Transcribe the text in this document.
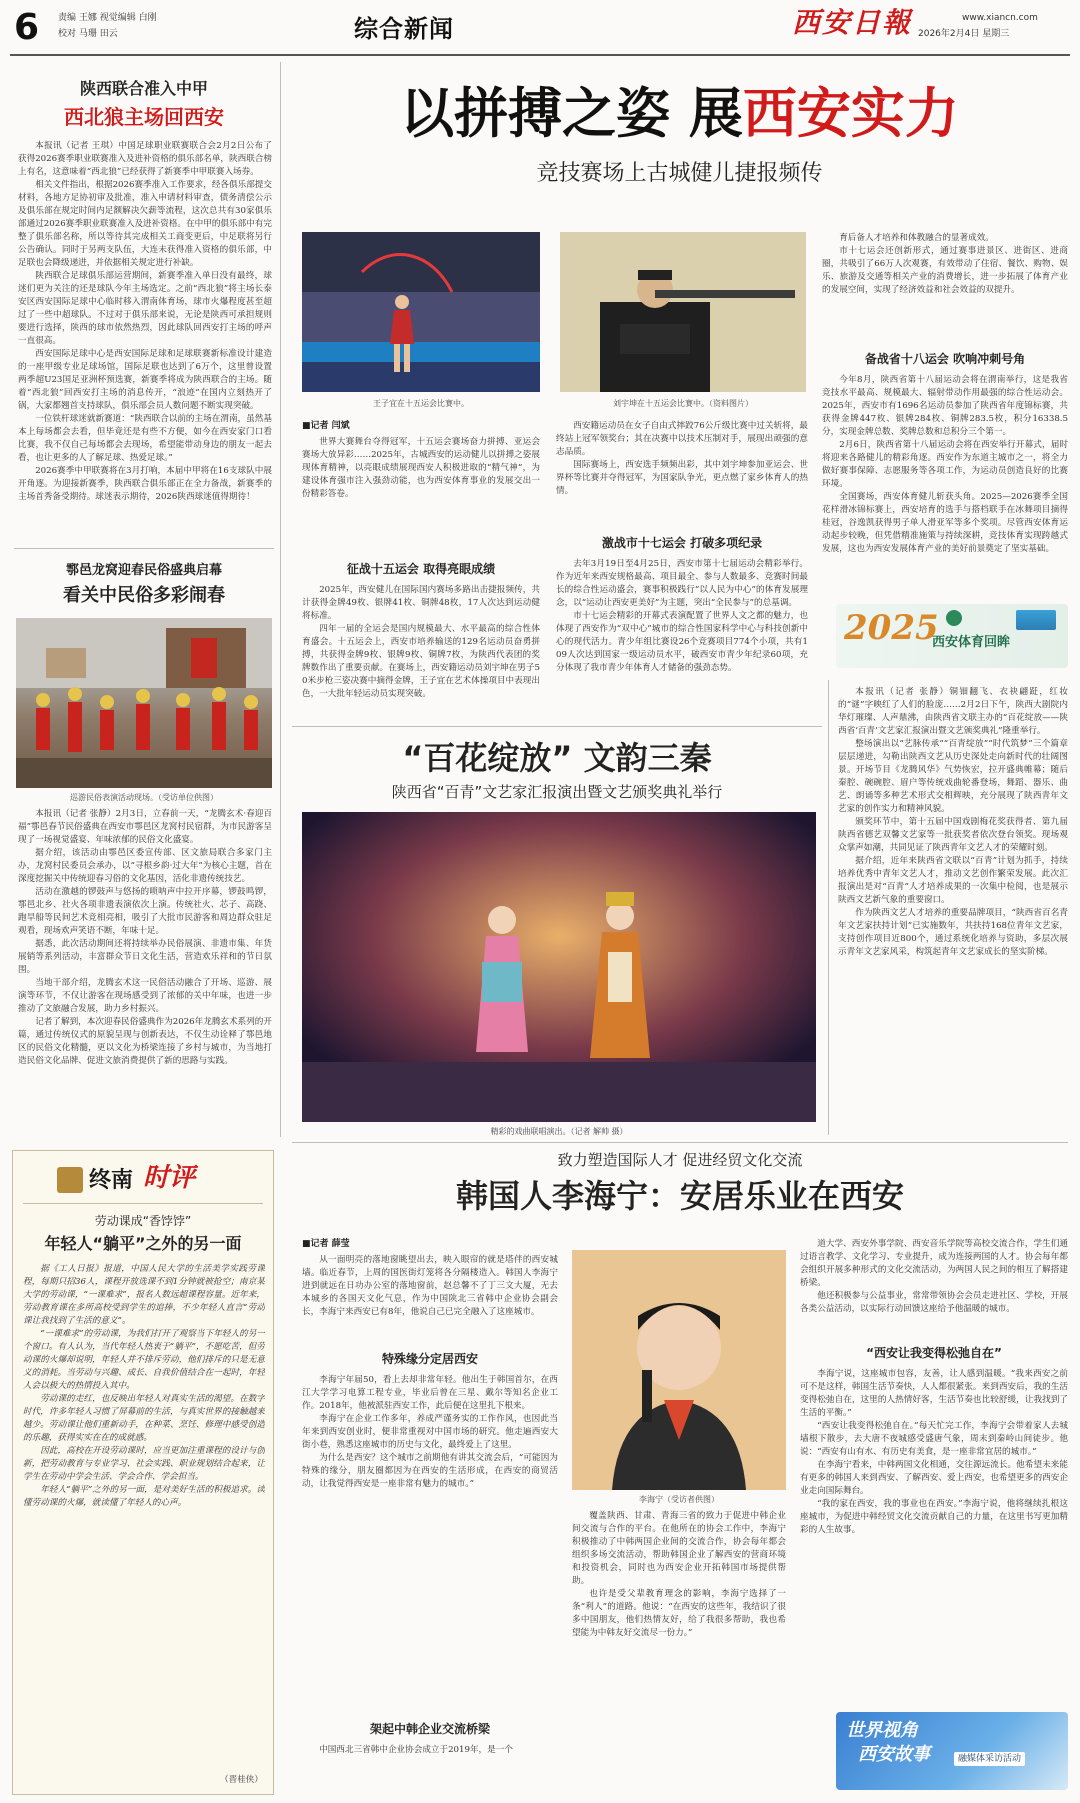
6	责编 王娜 视觉编辑 白刚
校对 马珊 田云	综合新闻	西安日報	www.xiancn.com
2026年2月4日 星期三
陕西联合准入中甲
西北狼主场回西安

本报讯（记者 王琪）中国足球职业联赛联合会2月2日公布了获得2026赛季职业联赛准入及进补资格的俱乐部名单，陕西联合榜上有名，这意味着“西北狼”已经获得了新赛季中甲联赛入场券。

相关文件指出，根据2026赛季准入工作要求，经各俱乐部提交材料，各地方足协初审及批准，准入申请材料审查，债务清偿公示及俱乐部在规定时间内足额解决欠薪等流程，这次总共有30家俱乐部通过2026赛季职业联赛准入及进补资格。在中甲的俱乐部中有完整了俱乐部名称，所以等待其完成相关工商变更后，中足联将另行公告确认。同时于另两支队伍，大连未获得准入资格的俱乐部，中足联也会降级递进，并依据相关规定进行补缺。

陕西联合足球俱乐部运营期间，新赛季准入单日没有最终，球迷们更为关注的还是球队今年主场选定。之前“西北狼”将主场长泰安区西安国际足球中心临时移入渭南体育场，球市火爆程度甚至超过了一些中超球队。不过对于俱乐部来说，无论是陕西可承担规则要进行选择，陕西的球市依然热烈，因此球队回西安打主场的呼声一直很高。

西安国际足球中心是西安国际足球和足球联赛新标准设计建造的一座甲级专业足球场馆，国际足联也达到了6万个，这里曾设置两季超U23国足亚洲杯预选赛，新赛季将成为陕西联合的主场。随着“西北狼”回西安打主场的消息传开，“浪迹”在国内立刻热开了锅，大家都翘首支持球队，俱乐部会员人数问题不断实现突破。

一位铁杆球迷就新赛道：“陕西联合以前的主场在渭南，虽然基本上每场都会去看，但毕竟还是有些不方便，如今在西安家门口看比赛，我不仅自己每场都会去现场，希望能带动身边的朋友一起去看，也让更多的人了解足球、热爱足球。”

2026赛季中甲联赛将在3月打响，本届中甲将在16支球队中展开角逐。为迎接新赛季，陕西联合俱乐部正在全力备战，新赛季的主场首秀备受期待。球迷表示期待，2026陕西球迷值得期待！

鄠邑龙窝迎春民俗盛典启幕
看关中民俗多彩闹春
巡游民俗表演活动现场。（受访单位供图）

本报讯（记者 张静）2月3日，立春前一天，“龙腾玄术·春迎百福”鄠邑春节民俗盛典在西安市鄠邑区龙窝村民宿群，为市民游客呈现了一场视觉盛宴、年味浓郁的民俗文化盛宴。

据介绍，该活动由鄠邑区委宣传部、区文旅局联合多家门主办，龙窝村民委员会承办，以“寻根乡韵·过大年”为核心主题，首在深度挖掘关中传统迎春习俗的文化基因，活化非遗传统技艺。

活动在激越的锣鼓声与悠扬的唢呐声中拉开序幕，锣鼓鸣锣，鄠邑北乡、社火各项非遗表演依次上演。传统社火、芯子、高跷、跑旱船等民间艺术竞相亮相，吸引了大批市民游客和周边群众驻足观看，现场欢声笑语不断，年味十足。

据悉，此次活动期间还将持续举办民俗展演、非遗市集、年货展销等系列活动，丰富群众节日文化生活，营造欢乐祥和的节日氛围。

当地干部介绍，龙腾玄术这一民俗活动融合了开场、巡游、展演等环节，不仅让游客在现场感受到了浓郁的关中年味，也进一步推动了文旅融合发展，助力乡村振兴。

记者了解到，本次迎春民俗盛典作为2026年龙腾玄术系列的开篇，通过传统仪式的原貌呈现与创新表达，不仅生动诠释了鄠邑地区的民俗文化精髓，更以文化为桥梁连接了乡村与城市，为当地打造民俗文化品牌、促进文旅消费提供了新的思路与实践。

终南 时评
劳动课成“香饽饽”
年轻人“躺平”之外的另一面

据《工人日报》报道，中国人民大学的生活美学实践劳课程，每期只招36人，课程开放选课不到1分钟就被抢空；南京某大学的劳动课，“一课难求”，报名人数远超课程容量。近年来，劳动教育课在多所高校受到学生的追捧，不少年轻人直言“劳动课让我找到了生活的意义”。

“一课难求”的劳动课，为我们打开了观察当下年轻人的另一个窗口。有人认为，当代年轻人热衷于“躺平”，不愿吃苦，但劳动课的火爆却说明，年轻人并不排斥劳动，他们排斥的只是无意义的消耗。当劳动与兴趣、成长、自我价值结合在一起时，年轻人会以极大的热情投入其中。

劳动课的走红，也反映出年轻人对真实生活的渴望。在数字时代，许多年轻人习惯了屏幕前的生活，与真实世界的接触越来越少。劳动课让他们重新动手，在种菜、烹饪、修理中感受创造的乐趣，获得实实在在的成就感。

因此，高校在开设劳动课时，应当更加注重课程的设计与创新，把劳动教育与专业学习、社会实践、职业规划结合起来，让学生在劳动中学会生活、学会合作、学会担当。

年轻人“躺平”之外的另一面，是对美好生活的积极追求。读懂劳动课的火爆，就读懂了年轻人的心声。

（晋桂侠）
以拼搏之姿 展西安实力
竞技赛场上古城健儿捷报频传
王子宜在十五运会比赛中。	刘宇坤在十五运会比赛中。（资料图片）
■记者 闫斌

世界大赛舞台夺得冠军，十五运会赛场奋力拼搏、亚运会赛场大放异彩……2025年，古城西安的运动健儿以拼搏之姿展现体育精神，以亮眼成绩展现西安人积极进取的“精气神”，为建设体育强市注入强劲动能，也为西安体育事业的发展交出一份精彩答卷。

征战十五运会 取得亮眼成绩

2025年，西安健儿在国际国内赛场多路出击捷报频传，共计获得金牌49枚、银牌41枚、铜牌48枚，17人次达到运动健将标准。

四年一届的全运会是国内规模最大、水平最高的综合性体育盛会。十五运会上，西安市培养输送的129名运动员奋勇拼搏，共获得金牌9枚、银牌9枚、铜牌7枚，为陕西代表团的奖牌数作出了重要贡献。在赛场上，西安籍运动员刘宇坤在男子50米步枪三姿决赛中摘得金牌，王子宜在艺术体操项目中表现出色，一大批年轻运动员实现突破。

西安籍运动员在女子自由式摔跤76公斤级比赛中过关斩将，最终站上冠军领奖台；其在决赛中以技术压制对手，展现出顽强的意志品质。

国际赛场上，西安选手频频出彩，其中刘宇坤参加亚运会、世界杯等比赛并夺得冠军，为国家队争光，更点燃了家乡体育人的热情。

激战市十七运会 打破多项纪录

去年3月19日至4月25日，西安市第十七届运动会精彩举行。作为近年来西安规格最高、项目最全、参与人数最多、竞赛时间最长的综合性运动盛会，赛事积极践行“以人民为中心”的体育发展理念，以“运动让西安更美好”为主题，突出“全民参与”的总基调。

市十七运会精彩的开幕式表演配置了世界人文之都的魅力，也体现了西安作为“双中心”城市的综合性国家科学中心与科技创新中心的现代活力。青少年组比赛设26个竞赛项目774个小项，共有109人次达到国家一级运动员水平，破西安市青少年纪录60项，充分体现了我市青少年体育人才储备的强劲态势。

育后备人才培养和体教融合的显著成效。

市十七运会还创新形式，通过赛事进景区、进街区、进商圈，共吸引了66万人次观赛，有效带动了住宿、餐饮、购物、娱乐、旅游及交通等相关产业的消费增长，进一步拓展了体育产业的发展空间，实现了经济效益和社会效益的双提升。

备战省十八运会 吹响冲刺号角

今年8月，陕西省第十八届运动会将在渭南举行，这是我省竞技水平最高、规模最大、辐射带动作用最强的综合性运动会。2025年，西安市有1696名运动员参加了陕西省年度锦标赛，共获得金牌447枚、银牌284枚、铜牌283.5枚，积分16338.5分，实现金牌总数、奖牌总数和总积分三个第一。

2月6日，陕西省第十八届运动会将在西安举行开幕式，届时将迎来各路健儿的精彩角逐。西安作为东道主城市之一，将全力做好赛事保障、志愿服务等各项工作，为运动员创造良好的比赛环境。

全国赛场，西安体育健儿斩获头角。2025—2026赛季全国花样滑冰锦标赛上，西安培育的选手与搭档联手在冰舞项目摘得桂冠，谷逸凯获得男子单人滑亚军等多个奖项。尽管西安体育运动起步较晚，但凭借精准施策与持续深耕，竞技体育实现跨越式发展，这也为西安发展体育产业的美好前景奠定了坚实基础。

2025
西安体育回眸
“百花绽放” 文韵三秦
陕西省“百青”文艺家汇报演出暨文艺颁奖典礼举行
精彩的戏曲联唱演出。（记者 解帅 摄）

本报讯（记者 张静）铜钿翻飞、衣袂翩跹，红妆的“谜”字映红了人们的脸庞……2月2日下午，陕西大剧院内华灯璀璨、人声鼎沸，由陕西省文联主办的“百花绽放——陕西省‘百青’文艺家汇报演出暨文艺颁奖典礼”隆重举行。

整场演出以“艺脉传承”“百青绽放”“时代筑梦”三个篇章层层递进，勾勒出陕西文艺从历史深处走向新时代的壮阔图景。开场节目《龙腾风华》气势恢宏，拉开盛典帷幕；随后秦腔、碗碗腔、眉户等传统戏曲轮番登场，舞蹈、器乐、曲艺、朗诵等多种艺术形式交相辉映，充分展现了陕西青年文艺家的创作实力和精神风貌。

颁奖环节中，第十五届中国戏剧梅花奖获得者、第九届陕西省德艺双馨文艺家等一批获奖者依次登台领奖。现场观众掌声如潮，共同见证了陕西青年文艺人才的荣耀时刻。

据介绍，近年来陕西省文联以“百青”计划为抓手，持续培养优秀中青年文艺人才，推动文艺创作繁荣发展。此次汇报演出是对“百青”人才培养成果的一次集中检阅，也是展示陕西文艺新气象的重要窗口。

作为陕西文艺人才培养的重要品牌项目，“陕西省百名青年文艺家扶持计划”已实施数年，共扶持168位青年文艺家，支持创作项目近800个，通过系统化培养与资助，多层次展示青年文艺家风采，构筑起青年文艺家成长的坚实阶梯。

致力塑造国际人才 促进经贸文化交流
韩国人李海宁：安居乐业在西安
■记者 薛莹

从一面明亮的落地窗眺望出去，映入眼帘的就是塔伴的西安城墙。临近春节，上周的国医街灯笼将各分隔楼造入。韩国人李海宁进到就远在日功办公室的落地窗前，赵总馨不了丁三文大厦，无去本城乡的各国天文化气息，作为中国陕北三省韩中企业协会副会长，李海宁来西安已有8年，他说自己已完全融入了这座城市。

特殊缘分定居西安

李海宁年届50，看上去却非常年轻。他出生于韩国首尔，在西江大学学习电算工程专业，毕业后曾在三星、戴尔等知名企业工作。2018年，他被派驻西安工作，此后便在这里扎下根来。

李海宁在企业工作多年，养成严谨务实的工作作风，也因此当年来到西安创业时，便非常重视对中国市场的研究。他走遍西安大街小巷，熟悉这座城市的历史与文化，最终爱上了这里。

为什么是西安？这个城市之前期他有讲其交流会后，“可能因为特殊的缘分，朋友圈都因为在西安的生活形成，在西安的商贸活动，让我觉得西安是一座非常有魅力的城市。”

架起中韩企业交流桥梁

中国西北三省韩中企业协会成立于2019年，是一个

李海宁（受访者供图）

覆盖陕西、甘肃、青海三省的致力于促进中韩企业间交流与合作的平台。在他所在的协会工作中，李海宁积极推动了中韩两国企业间的交流合作，协会每年都会组织多场交流活动，帮助韩国企业了解西安的营商环境和投资机会，同时也为西安企业开拓韩国市场提供帮助。

也许是受父辈教育理念的影响，李海宁选择了一条“利人”的道路。他说：“在西安的这些年，我结识了很多中国朋友，他们热情友好，给了我很多帮助，我也希望能为中韩友好交流尽一份力。”

道大学、西安外事学院、西安音乐学院等高校交流合作，学生们通过语言教学、文化学习、专业提升，成为连接两国的人才。协会每年都会组织开展多种形式的文化交流活动，为两国人民之间的相互了解搭建桥梁。

他还积极参与公益事业，常常带领协会会员走进社区、学校，开展各类公益活动，以实际行动回馈这座给予他温暖的城市。

“西安让我变得松弛自在”

李海宁说，这座城市包容，友善，让人感到温暖。“我来西安之前可不是这样，韩国生活节奏快，人人都很紧张。来到西安后，我的生活变得松弛自在，这里的人热情好客，生活节奏也比较舒缓，让我找到了生活的平衡。”

“西安让我变得松弛自在。”每天忙完工作，李海宁会带着家人去城墙根下散步，去大唐不夜城感受盛唐气象，周末到秦岭山间徒步。他说：“西安有山有水、有历史有美食，是一座非常宜居的城市。”

在李海宁看来，中韩两国文化相通，交往源远流长。他希望未来能有更多的韩国人来到西安、了解西安、爱上西安，也希望更多的西安企业走向国际舞台。

“我的家在西安，我的事业也在西安。”李海宁说，他将继续扎根这座城市，为促进中韩经贸文化交流贡献自己的力量，在这里书写更加精彩的人生故事。

世界视角
西安故事	融媒体采访活动
